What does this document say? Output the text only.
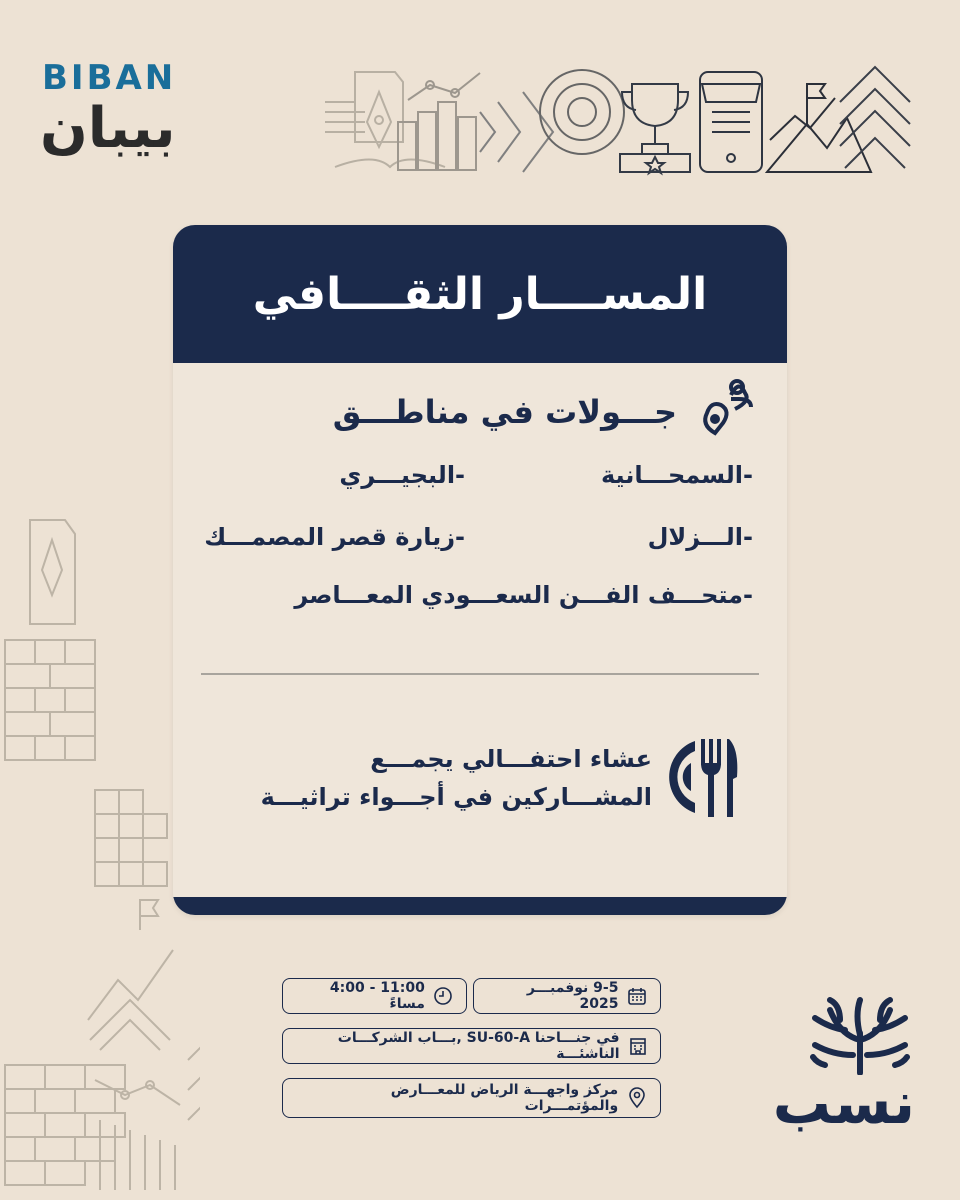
BIBAN
بيبان
المســــار الثقــــافي
جـــولات في مناطـــق
-السمحـــانية
-البجيـــري
-الـــزلال
-زيارة قصر المصمـــك
-متحـــف الفـــن السعـــودي المعـــاصر
عشاء احتفـــالي يجمـــع
المشـــاركين في أجـــواء تراثيـــة
9-5 نوفمبـــر 2025
11:00 - 4:00 مساءً
في جنـــاحنا SU-60-A ,بـــاب الشركـــات الناشئـــة
مركز واجهـــة الرياض للمعـــارض والمؤتمـــرات	نسب
